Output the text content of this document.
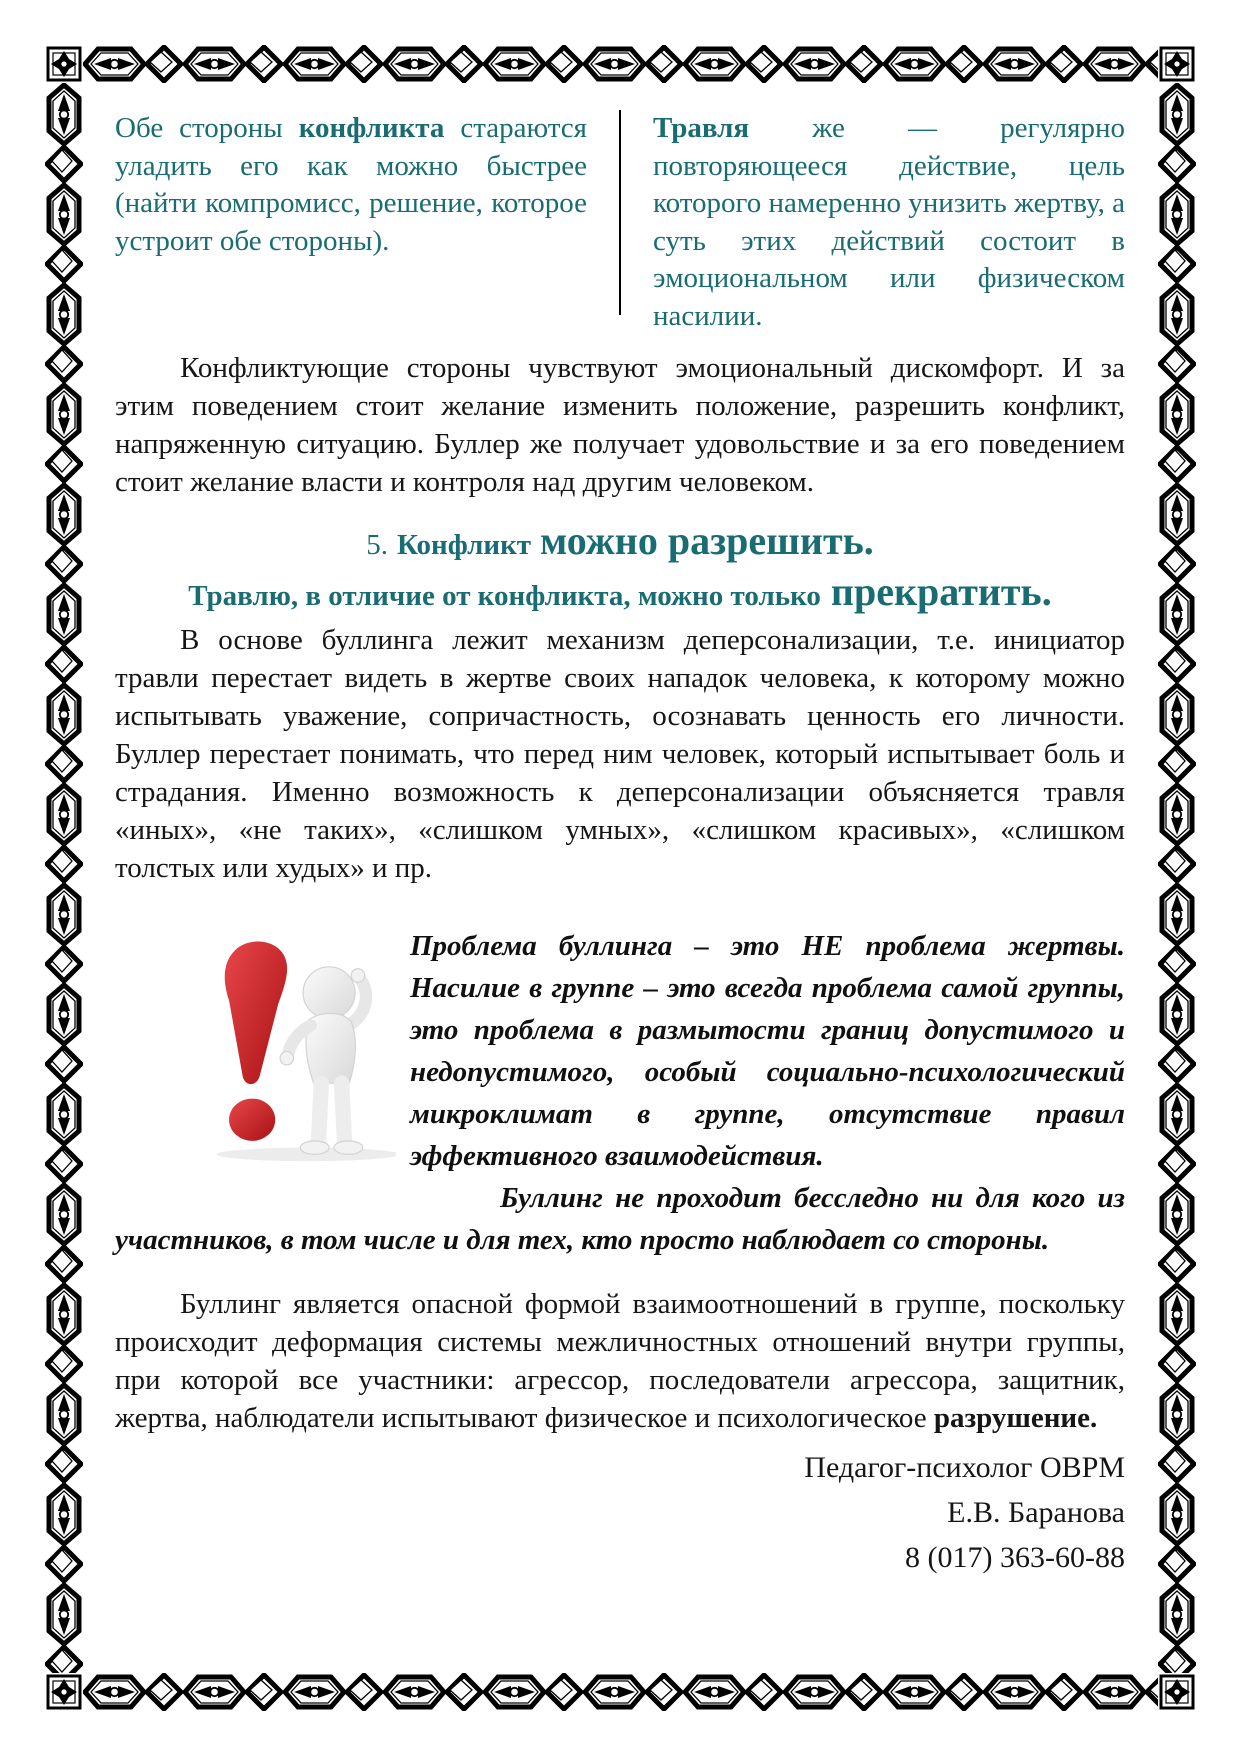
Обе стороны конфликта стараются уладить его как можно быстрее (найти компромисс, решение, которое устроит обе стороны).
Травля же — регулярно повторяющееся действие, цель которого намеренно унизить жертву, а суть этих действий состоит в эмоциональном или физическом насилии.

Конфликтующие стороны чувствуют эмоциональный дискомфорт. И за этим поведением стоит желание изменить положение, разрешить конфликт, напряженную ситуацию. Буллер же получает удовольствие и за его поведением стоит желание власти и контроля над другим человеком.

5. Конфликт можно разрешить.
Травлю, в отличие от конфликта, можно только прекратить.

В основе буллинга лежит механизм деперсонализации, т.е. инициатор травли перестает видеть в жертве своих нападок человека, к которому можно испытывать уважение, сопричастность, осознавать ценность его личности. Буллер перестает понимать, что перед ним человек, который испытывает боль и страдания. Именно возможность к деперсонализации объясняется травля «иных», «не таких», «слишком умных», «слишком красивых», «слишком толстых или худых» и пр.

Проблема буллинга – это НЕ проблема жертвы. Насилие в группе – это всегда проблема самой группы, это проблема в размытости границ допустимого и недопустимого, особый социально-психологический микроклимат в группе, отсутствие правил эффективного взаимодействия.
Буллинг не проходит бесследно ни для кого из участников, в том числе и для тех, кто просто наблюдает со стороны.

Буллинг является опасной формой взаимоотношений в группе, поскольку происходит деформация системы межличностных отношений внутри группы, при которой все участники: агрессор, последователи агрессора, защитник, жертва, наблюдатели испытывают физическое и психологическое разрушение.

Педагог-психолог ОВРМ
Е.В. Баранова
8 (017) 363-60-88
